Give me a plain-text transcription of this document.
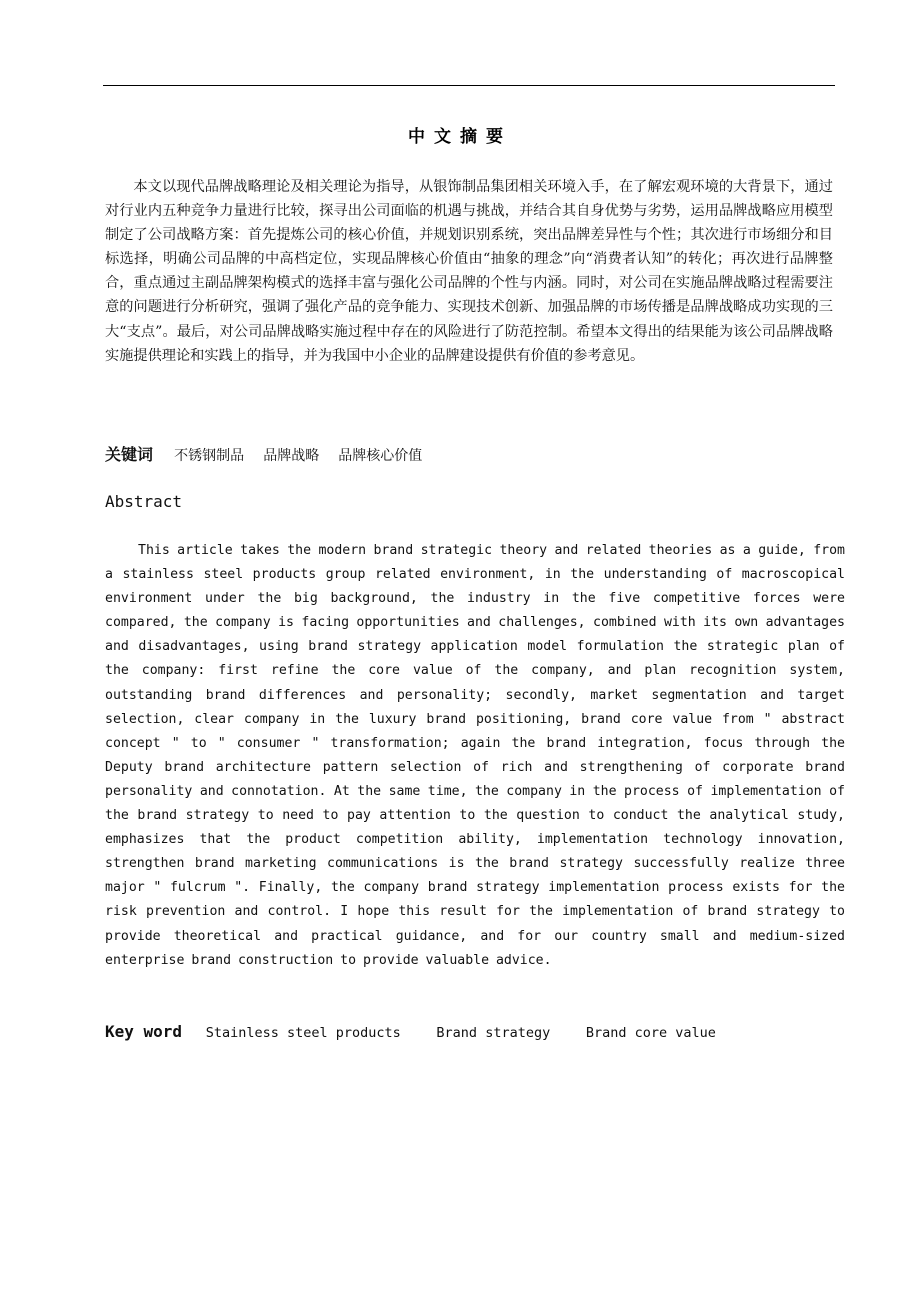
中文摘要

本文以现代品牌战略理论及相关理论为指导，从银饰制品集团相关环境入手，在了解宏观环境的大背景下，通过对行业内五种竞争力量进行比较，探寻出公司面临的机遇与挑战，并结合其自身优势与劣势，运用品牌战略应用模型制定了公司战略方案：首先提炼公司的核心价值，并规划识别系统，突出品牌差异性与个性；其次进行市场细分和目标选择，明确公司品牌的中高档定位，实现品牌核心价值由“抽象的理念”向“消费者认知”的转化；再次进行品牌整合，重点通过主副品牌架构模式的选择丰富与强化公司品牌的个性与内涵。同时，对公司在实施品牌战略过程需要注意的问题进行分析研究，强调了强化产品的竞争能力、实现技术创新、加强品牌的市场传播是品牌战略成功实现的三大“支点”。最后，对公司品牌战略实施过程中存在的风险进行了防范控制。希望本文得出的结果能为该公司品牌战略实施提供理论和实践上的指导，并为我国中小企业的品牌建设提供有价值的参考意见。

关键词 不锈钢制品 品牌战略 品牌核心价值
Abstract

This article takes the modern brand strategic theory and related theories as a guide, from a stainless steel products group related environment, in the understanding of macroscopical environment under the big background, the industry in the five competitive forces were compared, the company is facing opportunities and challenges, combined with its own advantages and disadvantages, using brand strategy application model formulation the strategic plan of the company: first refine the core value of the company, and plan recognition system, outstanding brand differences and personality; secondly, market segmentation and target selection, clear company in the luxury brand positioning, brand core value from " abstract concept " to " consumer " transformation; again the brand integration, focus through the Deputy brand architecture pattern selection of rich and strengthening of corporate brand personality and connotation. At the same time, the company in the process of implementation of the brand strategy to need to pay attention to the question to conduct the analytical study, emphasizes that the product competition ability, implementation technology innovation, strengthen brand marketing communications is the brand strategy successfully realize three major " fulcrum ". Finally, the company brand strategy implementation process exists for the risk prevention and control. I hope this result for the implementation of brand strategy to provide theoretical and practical guidance, and for our country small and medium-sized enterprise brand construction to provide valuable advice.

Key word Stainless steel products	Brand strategy	Brand core value
